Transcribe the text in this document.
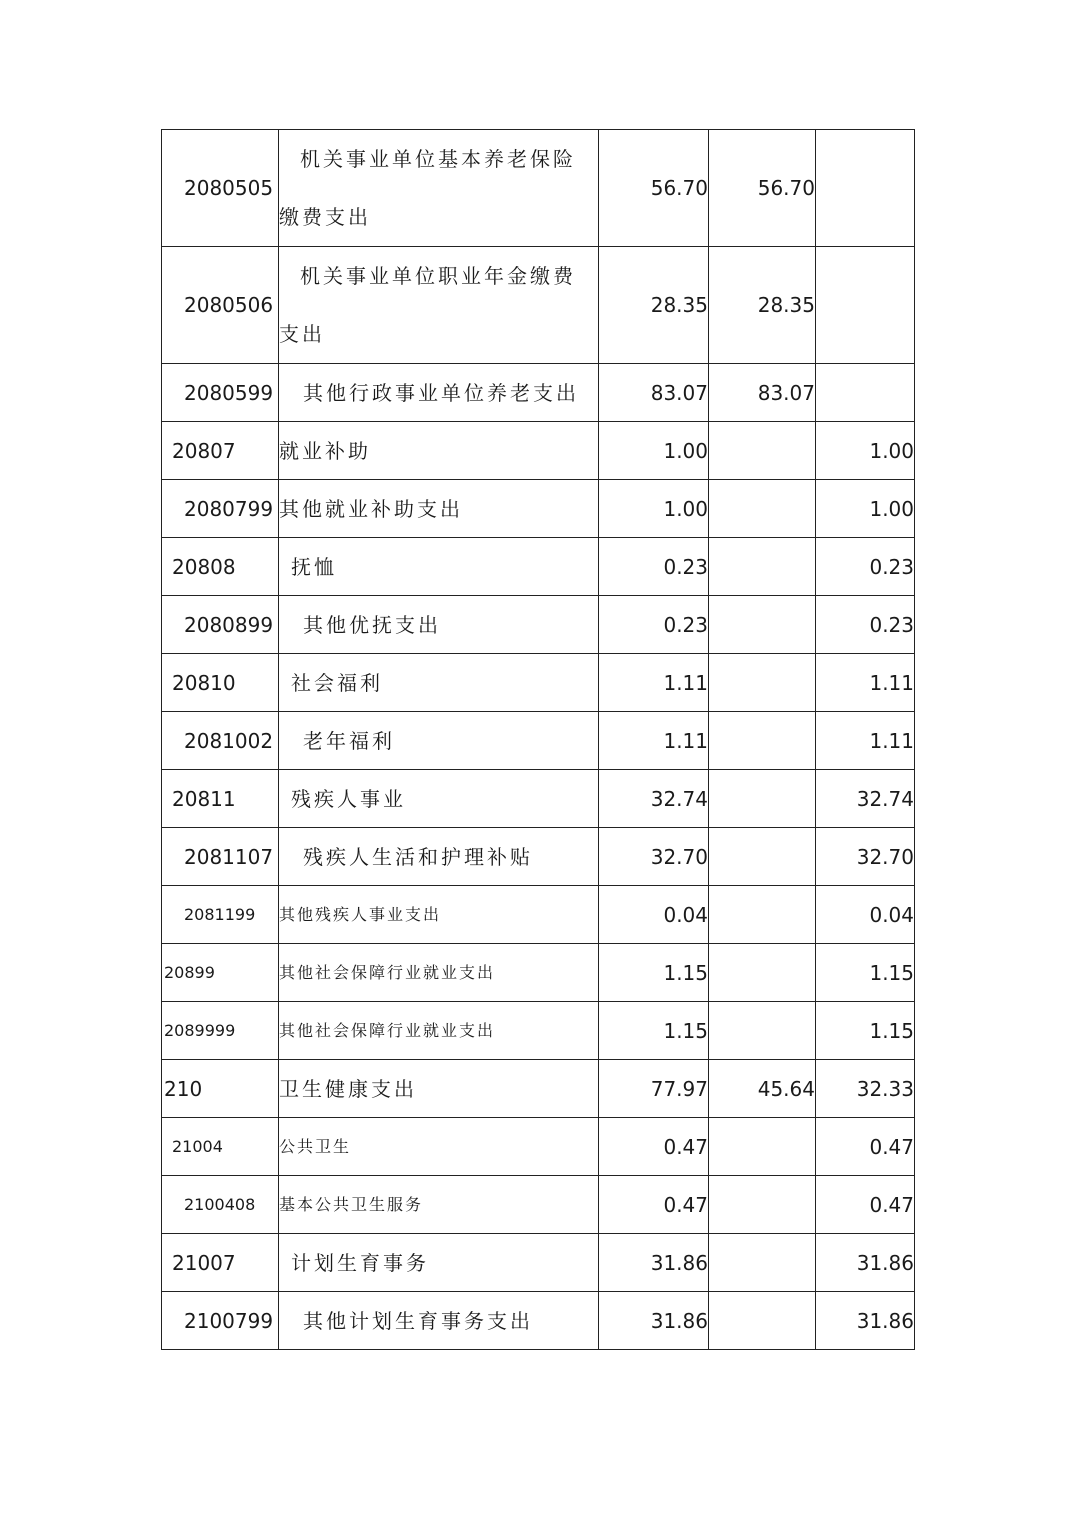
2080505	机关事业单位基本养老保险缴费支出	56.70	56.70	
2080506	机关事业单位职业年金缴费支出	28.35	28.35	
2080599	其他行政事业单位养老支出	83.07	83.07	
20807	就业补助	1.00		1.00
2080799	其他就业补助支出	1.00		1.00
20808	抚恤	0.23		0.23
2080899	其他优抚支出	0.23		0.23
20810	社会福利	1.11		1.11
2081002	老年福利	1.11		1.11
20811	残疾人事业	32.74		32.74
2081107	残疾人生活和护理补贴	32.70		32.70
2081199	其他残疾人事业支出	0.04		0.04
20899	其他社会保障行业就业支出	1.15		1.15
2089999	其他社会保障行业就业支出	1.15		1.15
210	卫生健康支出	77.97	45.64	32.33
21004	公共卫生	0.47		0.47
2100408	基本公共卫生服务	0.47		0.47
21007	计划生育事务	31.86		31.86
2100799	其他计划生育事务支出	31.86		31.86
